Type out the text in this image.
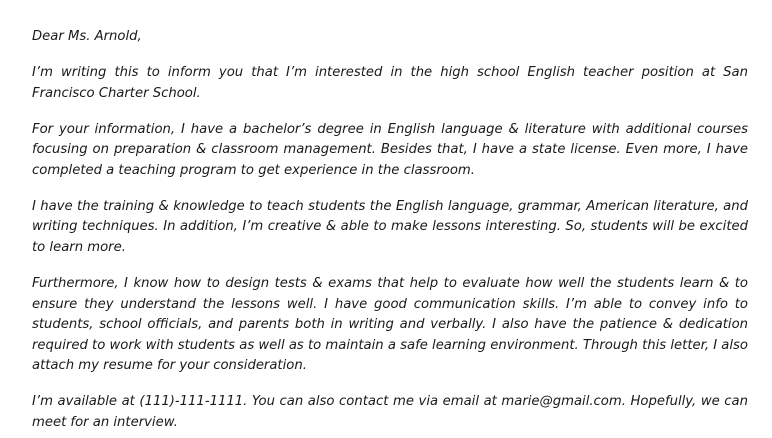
Dear Ms. Arnold,

I’m writing this to inform you that I’m interested in the high school English teacher position at San Francisco Charter School.

For your information, I have a bachelor’s degree in English language & literature with additional courses focusing on preparation & classroom management. Besides that, I have a state license. Even more, I have completed a teaching program to get experience in the classroom.

I have the training & knowledge to teach students the English language, grammar, American literature, and writing techniques. In addition, I’m creative & able to make lessons interesting. So, students will be excited to learn more.

Furthermore, I know how to design tests & exams that help to evaluate how well the students learn & to ensure they understand the lessons well. I have good communication skills. I’m able to convey info to students, school officials, and parents both in writing and verbally. I also have the patience & dedication required to work with students as well as to maintain a safe learning environment. Through this letter, I also attach my resume for your consideration.

I’m available at (111)-111-1111. You can also contact me via email at marie@gmail.com. Hopefully, we can meet for an interview.
